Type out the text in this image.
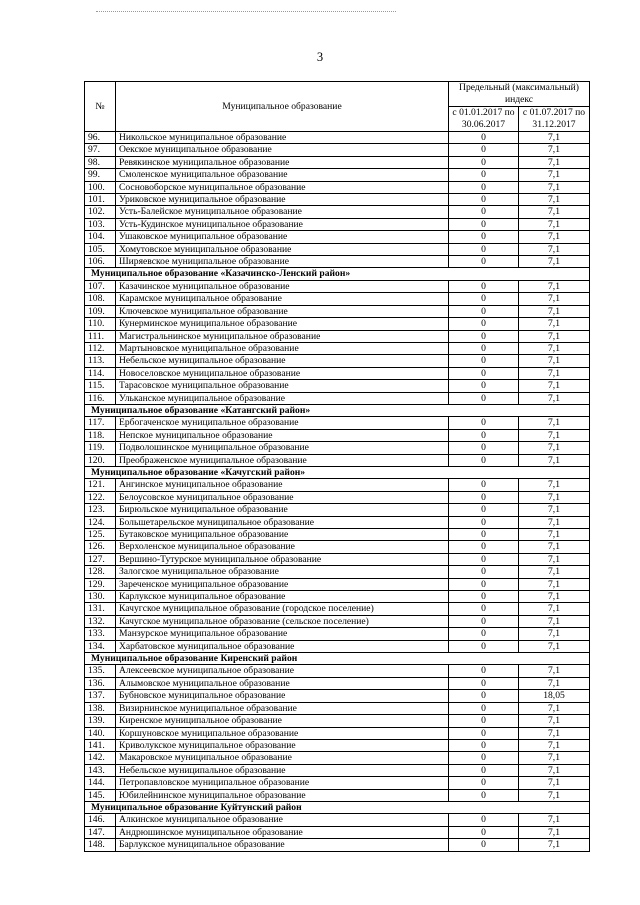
3
№	Муниципальное образование	Предельный (максимальный) индекс	
		с 01.01.2017 по 30.06.2017	с 01.07.2017 по 31.12.2017
96.	Никольское муниципальное образование	0	7,1
97.	Оекское муниципальное образование	0	7,1
98.	Ревякинское муниципальное образование	0	7,1
99.	Смоленское муниципальное образование	0	7,1
100.	Сосновоборское муниципальное образование	0	7,1
101.	Уриковское муниципальное образование	0	7,1
102.	Усть-Балейское муниципальное образование	0	7,1
103.	Усть-Кудинское муниципальное образование	0	7,1
104.	Ушаковское муниципальное образование	0	7,1
105.	Хомутовское муниципальное образование	0	7,1
106.	Ширяевское муниципальное образование	0	7,1
Муниципальное образование «Казачинско-Ленский район»			
107.	Казачинское муниципальное образование	0	7,1
108.	Карамское муниципальное образование	0	7,1
109.	Ключевское муниципальное образование	0	7,1
110.	Кунерминское муниципальное образование	0	7,1
111.	Магистральнинское муниципальное образование	0	7,1
112.	Мартыновское муниципальное образование	0	7,1
113.	Небельское муниципальное образование	0	7,1
114.	Новоселовское муниципальное образование	0	7,1
115.	Тарасовское муниципальное образование	0	7,1
116.	Ульканское муниципальное образование	0	7,1
Муниципальное образование «Катангский район»			
117.	Ербогаченское муниципальное образование	0	7,1
118.	Непское муниципальное образование	0	7,1
119.	Подволошинское муниципальное образование	0	7,1
120.	Преображенское муниципальное образование	0	7,1
Муниципальное образование «Качугский район»			
121.	Ангинское муниципальное образование	0	7,1
122.	Белоусовское муниципальное образование	0	7,1
123.	Бирюльское муниципальное образование	0	7,1
124.	Большетарельское муниципальное образование	0	7,1
125.	Бутаковское муниципальное образование	0	7,1
126.	Верхоленское муниципальное образование	0	7,1
127.	Вершино-Тутурское муниципальное образование	0	7,1
128.	Залогское муниципальное образование	0	7,1
129.	Зареченское муниципальное образование	0	7,1
130.	Карлукское муниципальное образование	0	7,1
131.	Качугское муниципальное образование (городское поселение)	0	7,1
132.	Качугское муниципальное образование (сельское поселение)	0	7,1
133.	Манзурское муниципальное образование	0	7,1
134.	Харбатовское муниципальное образование	0	7,1
Муниципальное образование Киренский район			
135.	Алексеевское муниципальное образование	0	7,1
136.	Алымовское муниципальное образование	0	7,1
137.	Бубновское муниципальное образование	0	18,05
138.	Визирнинское муниципальное образование	0	7,1
139.	Киренское муниципальное образование	0	7,1
140.	Коршуновское муниципальное образование	0	7,1
141.	Криволукское муниципальное образование	0	7,1
142.	Макаровское муниципальное образование	0	7,1
143.	Небельское муниципальное образование	0	7,1
144.	Петропавловское муниципальное образование	0	7,1
145.	Юбилейнинское муниципальное образование	0	7,1
Муниципальное образование Куйтунский район			
146.	Алкинское муниципальное образование	0	7,1
147.	Андрюшинское муниципальное образование	0	7,1
148.	Барлукское муниципальное образование	0	7,1
